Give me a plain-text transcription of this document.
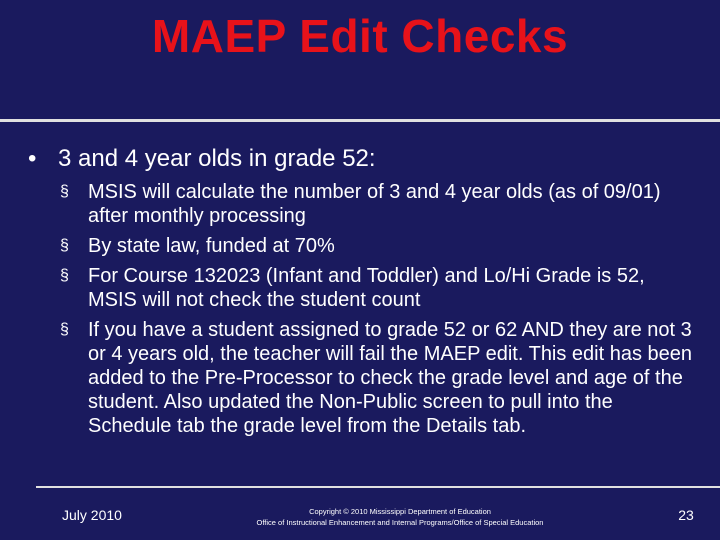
MAEP Edit Checks
• 3 and 4 year olds in grade 52:
§ MSIS will calculate the number of 3 and 4 year olds (as of 09/01) after monthly processing
§ By state law, funded at 70%
§ For Course 132023 (Infant and Toddler) and Lo/Hi Grade is 52, MSIS will not check the student count
§ If you have a student assigned to grade 52 or 62 AND they are not 3 or 4 years old, the teacher will fail the MAEP edit. This edit has been added to the Pre-Processor to check the grade level and age of the student. Also updated the Non-Public screen to pull into the Schedule tab the grade level from the Details tab.
July 2010	Copyright © 2010 Mississippi Department of Education
Office of Instructional Enhancement and Internal Programs/Office of Special Education	23
